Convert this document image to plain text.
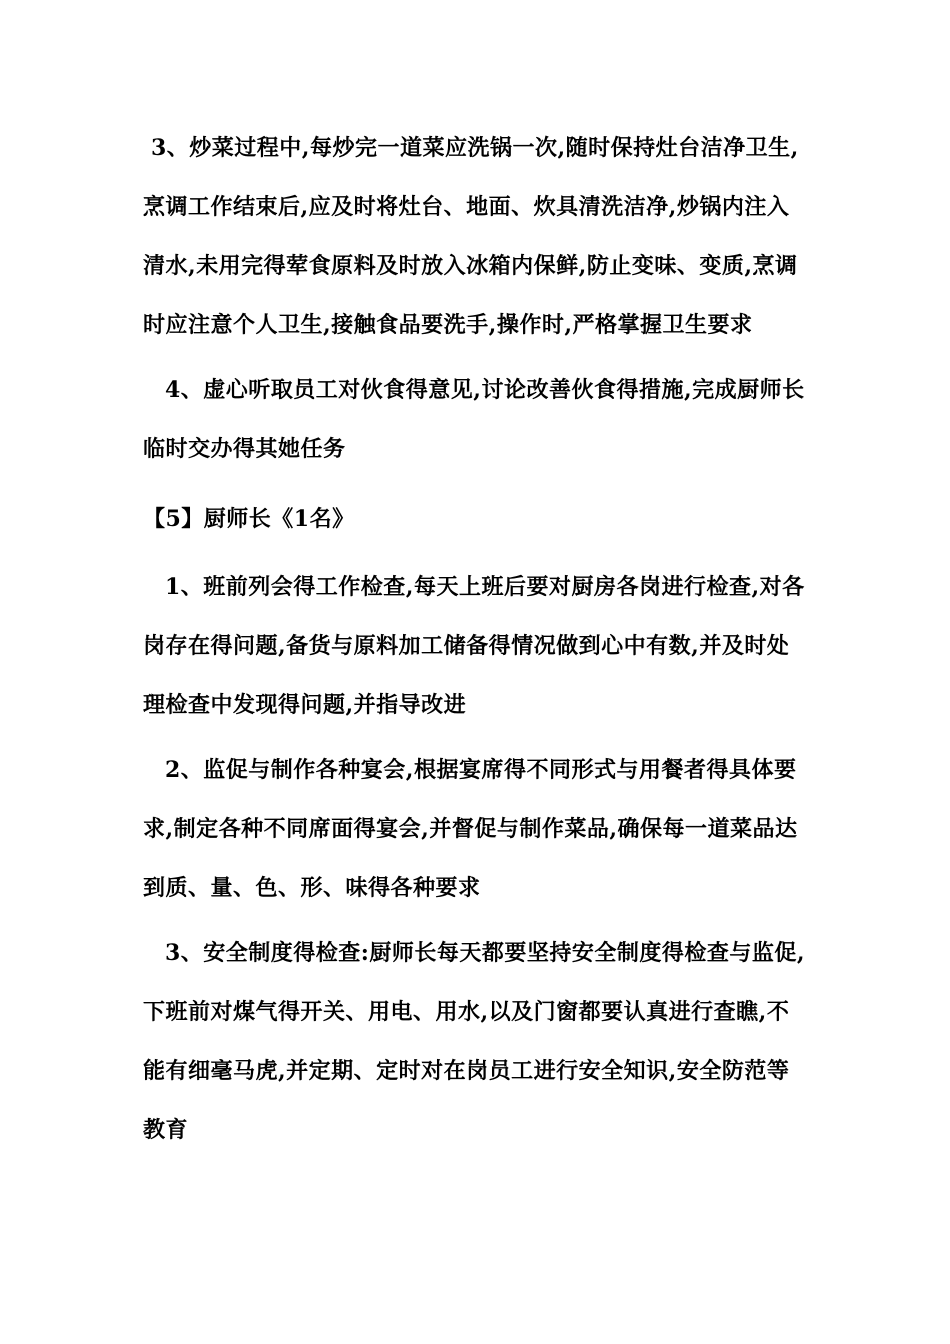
3、炒菜过程中,每炒完一道菜应洗锅一次,随时保持灶台洁净卫生,
烹调工作结束后,应及时将灶台、地面、炊具清洗洁净,炒锅内注入
清水,未用完得荤食原料及时放入冰箱内保鲜,防止变味、变质,烹调
时应注意个人卫生,接触食品要洗手,操作时,严格掌握卫生要求
4、虚心听取员工对伙食得意见,讨论改善伙食得措施,完成厨师长
临时交办得其她任务
【5】厨师长《1名》
1、班前列会得工作检查,每天上班后要对厨房各岗进行检查,对各
岗存在得问题,备货与原料加工储备得情况做到心中有数,并及时处
理检查中发现得问题,并指导改进
2、监促与制作各种宴会,根据宴席得不同形式与用餐者得具体要
求,制定各种不同席面得宴会,并督促与制作菜品,确保每一道菜品达
到质、量、色、形、味得各种要求
3、安全制度得检查:厨师长每天都要坚持安全制度得检查与监促,
下班前对煤气得开关、用电、用水,以及门窗都要认真进行查瞧,不
能有细毫马虎,并定期、定时对在岗员工进行安全知识,安全防范等
教育
